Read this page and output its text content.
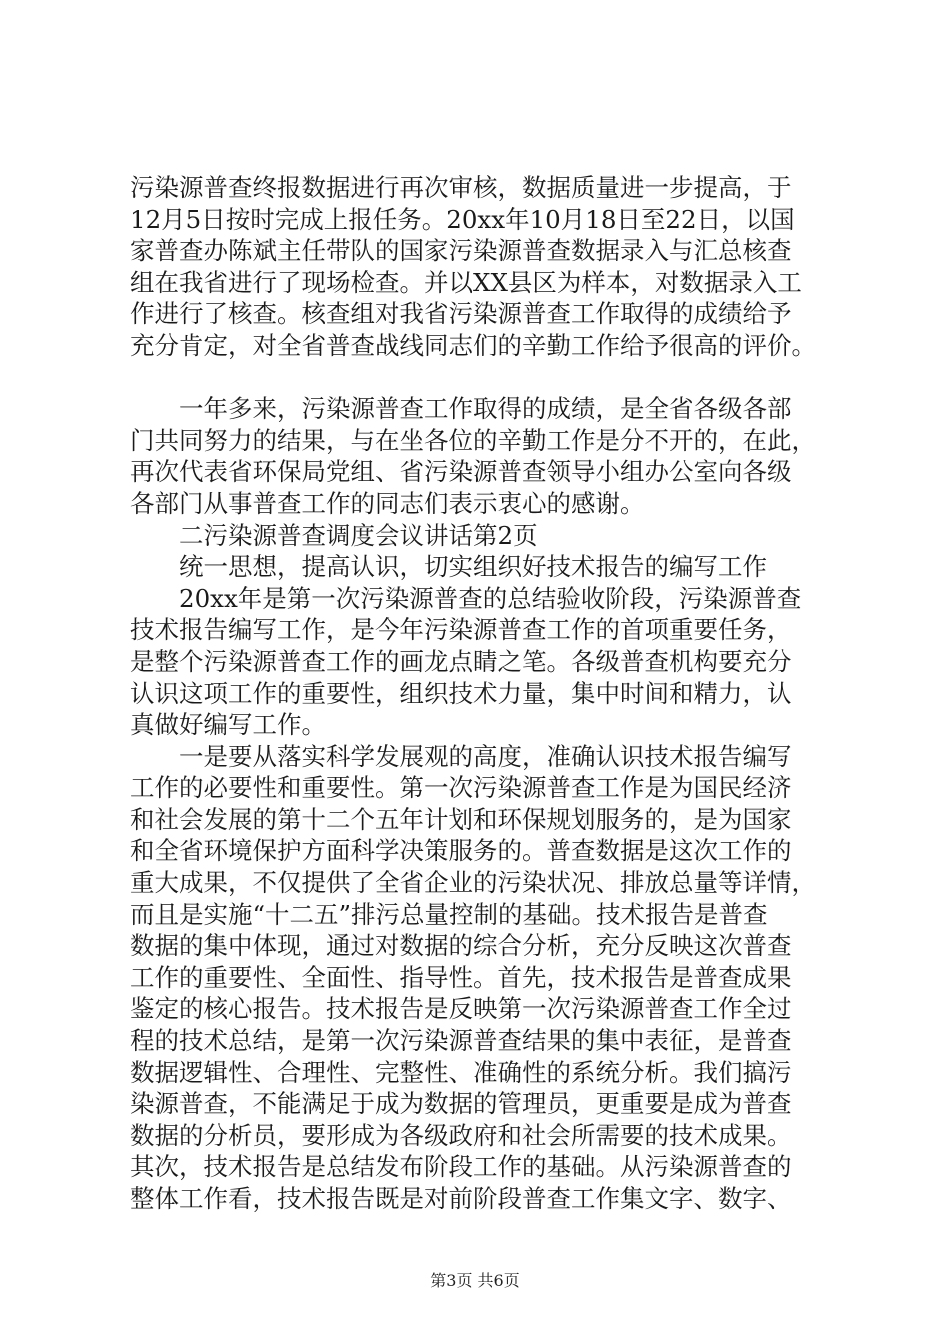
污染源普查终报数据进行再次审核，数据质量进一步提高，于
12月5日按时完成上报任务。20xx年10月18日至22日，以国
家普查办陈斌主任带队的国家污染源普查数据录入与汇总核查
组在我省进行了现场检查。并以XX县区为样本，对数据录入工
作进行了核查。核查组对我省污染源普查工作取得的成绩给予
充分肯定，对全省普查战线同志们的辛勤工作给予很高的评价。
　　一年多来，污染源普查工作取得的成绩，是全省各级各部
门共同努力的结果，与在坐各位的辛勤工作是分不开的，在此，
再次代表省环保局党组、省污染源普查领导小组办公室向各级
各部门从事普查工作的同志们表示衷心的感谢。
　　二污染源普查调度会议讲话第2页
　　统一思想，提高认识，切实组织好技术报告的编写工作
　　20xx年是第一次污染源普查的总结验收阶段，污染源普查
技术报告编写工作，是今年污染源普查工作的首项重要任务，
是整个污染源普查工作的画龙点睛之笔。各级普查机构要充分
认识这项工作的重要性，组织技术力量，集中时间和精力，认
真做好编写工作。
　　一是要从落实科学发展观的高度，准确认识技术报告编写
工作的必要性和重要性。第一次污染源普查工作是为国民经济
和社会发展的第十二个五年计划和环保规划服务的，是为国家
和全省环境保护方面科学决策服务的。普查数据是这次工作的
重大成果，不仅提供了全省企业的污染状况、排放总量等详情，
而且是实施“十二五”排污总量控制的基础。技术报告是普查
数据的集中体现，通过对数据的综合分析，充分反映这次普查
工作的重要性、全面性、指导性。首先，技术报告是普查成果
鉴定的核心报告。技术报告是反映第一次污染源普查工作全过
程的技术总结，是第一次污染源普查结果的集中表征，是普查
数据逻辑性、合理性、完整性、准确性的系统分析。我们搞污
染源普查，不能满足于成为数据的管理员，更重要是成为普查
数据的分析员，要形成为各级政府和社会所需要的技术成果。
其次，技术报告是总结发布阶段工作的基础。从污染源普查的
整体工作看，技术报告既是对前阶段普查工作集文字、数字、
第3页 共6页
